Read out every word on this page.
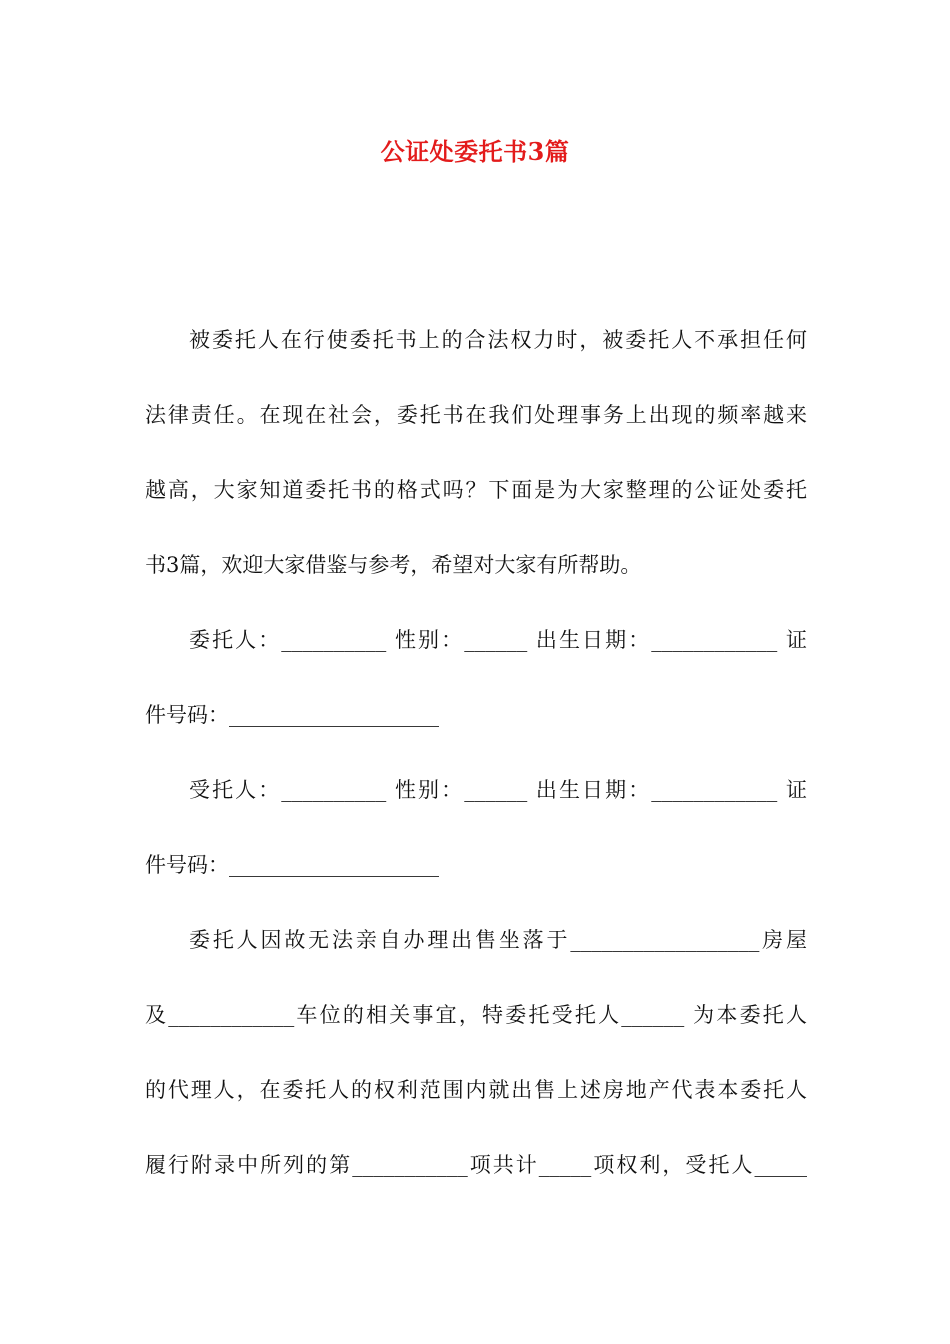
公证处委托书3篇
被委托人在行使委托书上的合法权力时，被委托人不承担任何
法律责任。在现在社会，委托书在我们处理事务上出现的频率越来
越高，大家知道委托书的格式吗？下面是为大家整理的公证处委托
书3篇，欢迎大家借鉴与参考，希望对大家有所帮助。
委托人：__________ 性别：______ 出生日期：____________ 证
件号码：____________________
受托人：__________ 性别：______ 出生日期：____________ 证
件号码：____________________
委托人因故无法亲自办理出售坐落于__________________房屋
及____________车位的相关事宜，特委托受托人______ 为本委托人
的代理人，在委托人的权利范围内就出售上述房地产代表本委托人
履行附录中所列的第___________项共计_____项权利，受托人_____
